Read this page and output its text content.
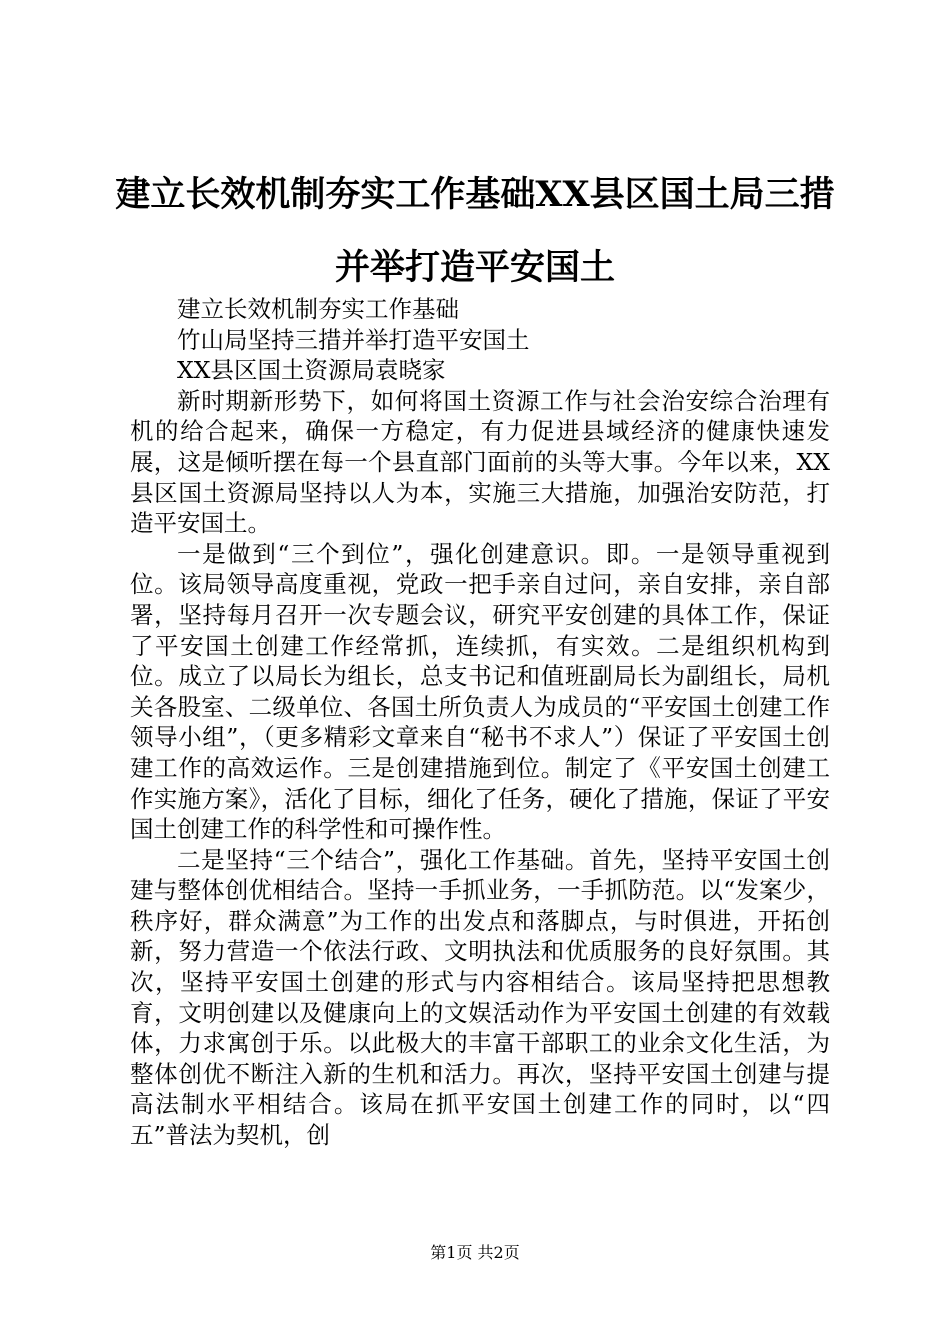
建立长效机制夯实工作基础XX县区国土局三措并举打造平安国土

建立长效机制夯实工作基础

竹山局坚持三措并举打造平安国土

XX县区国土资源局袁晓家

新时期新形势下，如何将国土资源工作与社会治安综合治理有机的给合起来，确保一方稳定，有力促进县域经济的健康快速发展，这是倾听摆在每一个县直部门面前的头等大事。今年以来，XX县区国土资源局坚持以人为本，实施三大措施，加强治安防范，打造平安国土。

一是做到“三个到位”，强化创建意识。即。一是领导重视到位。该局领导高度重视，党政一把手亲自过问，亲自安排，亲自部署，坚持每月召开一次专题会议，研究平安创建的具体工作，保证了平安国土创建工作经常抓，连续抓，有实效。二是组织机构到位。成立了以局长为组长，总支书记和值班副局长为副组长，局机关各股室、二级单位、各国土所负责人为成员的“平安国土创建工作领导小组”，（更多精彩文章来自“秘书不求人”）保证了平安国土创建工作的高效运作。三是创建措施到位。制定了《平安国土创建工作实施方案》，活化了目标，细化了任务，硬化了措施，保证了平安国土创建工作的科学性和可操作性。

二是坚持“三个结合”，强化工作基础。首先，坚持平安国土创建与整体创优相结合。坚持一手抓业务，一手抓防范。以“发案少，秩序好，群众满意”为工作的出发点和落脚点，与时俱进，开拓创新，努力营造一个依法行政、文明执法和优质服务的良好氛围。其次，坚持平安国土创建的形式与内容相结合。该局坚持把思想教育，文明创建以及健康向上的文娱活动作为平安国土创建的有效载体，力求寓创于乐。以此极大的丰富干部职工的业余文化生活，为整体创优不断注入新的生机和活力。再次，坚持平安国土创建与提高法制水平相结合。该局在抓平安国土创建工作的同时，以“四五”普法为契机，创

第1页 共2页
